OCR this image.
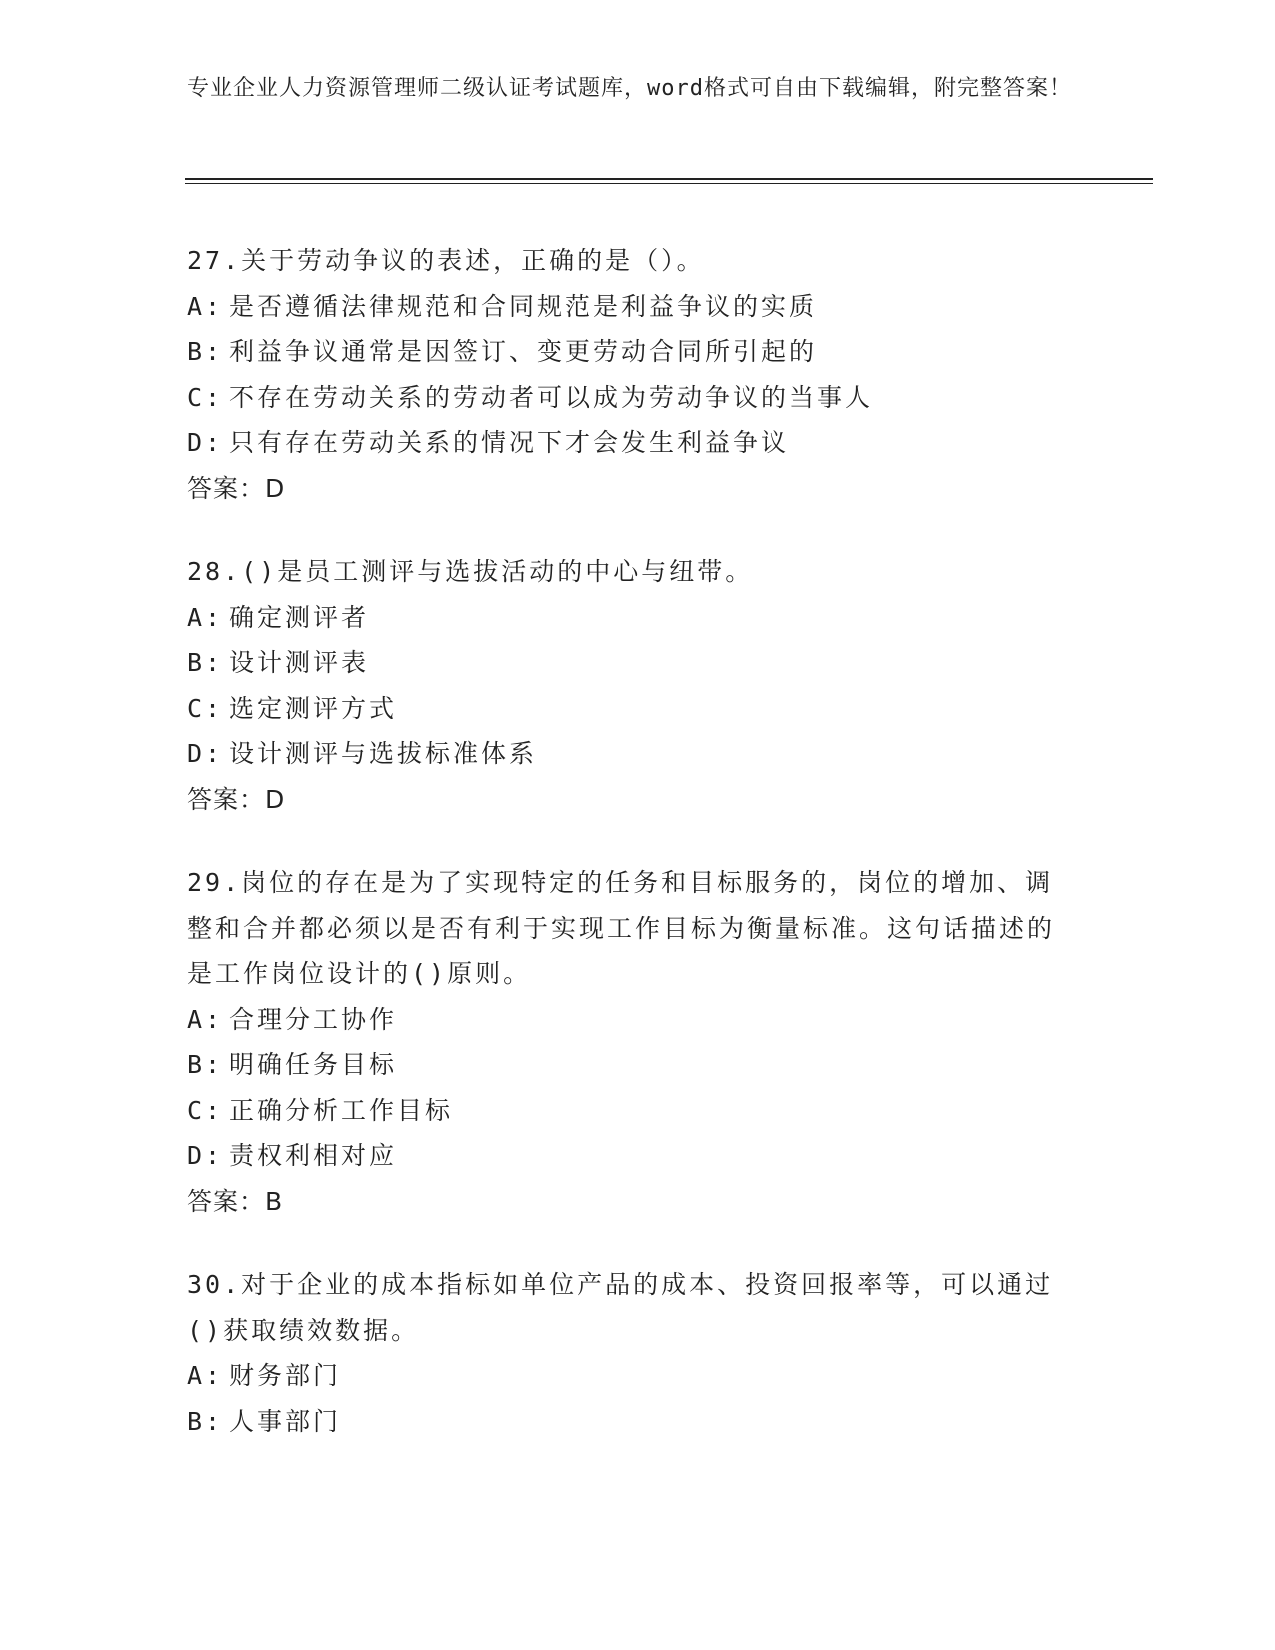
专业企业人力资源管理师二级认证考试题库，word格式可自由下载编辑，附完整答案！
27.关于劳动争议的表述，正确的是（）。
A: 是否遵循法律规范和合同规范是利益争议的实质
B: 利益争议通常是因签订、变更劳动合同所引起的
C: 不存在劳动关系的劳动者可以成为劳动争议的当事人
D: 只有存在劳动关系的情况下才会发生利益争议
答案：D
28.()是员工测评与选拔活动的中心与纽带。
A: 确定测评者
B: 设计测评表
C: 选定测评方式
D: 设计测评与选拔标准体系
答案：D
29.岗位的存在是为了实现特定的任务和目标服务的，岗位的增加、调整和合并都必须以是否有利于实现工作目标为衡量标准。这句话描述的是工作岗位设计的()原则。
A: 合理分工协作
B: 明确任务目标
C: 正确分析工作目标
D: 责权利相对应
答案：B
30.对于企业的成本指标如单位产品的成本、投资回报率等，可以通过()获取绩效数据。
A: 财务部门
B: 人事部门
